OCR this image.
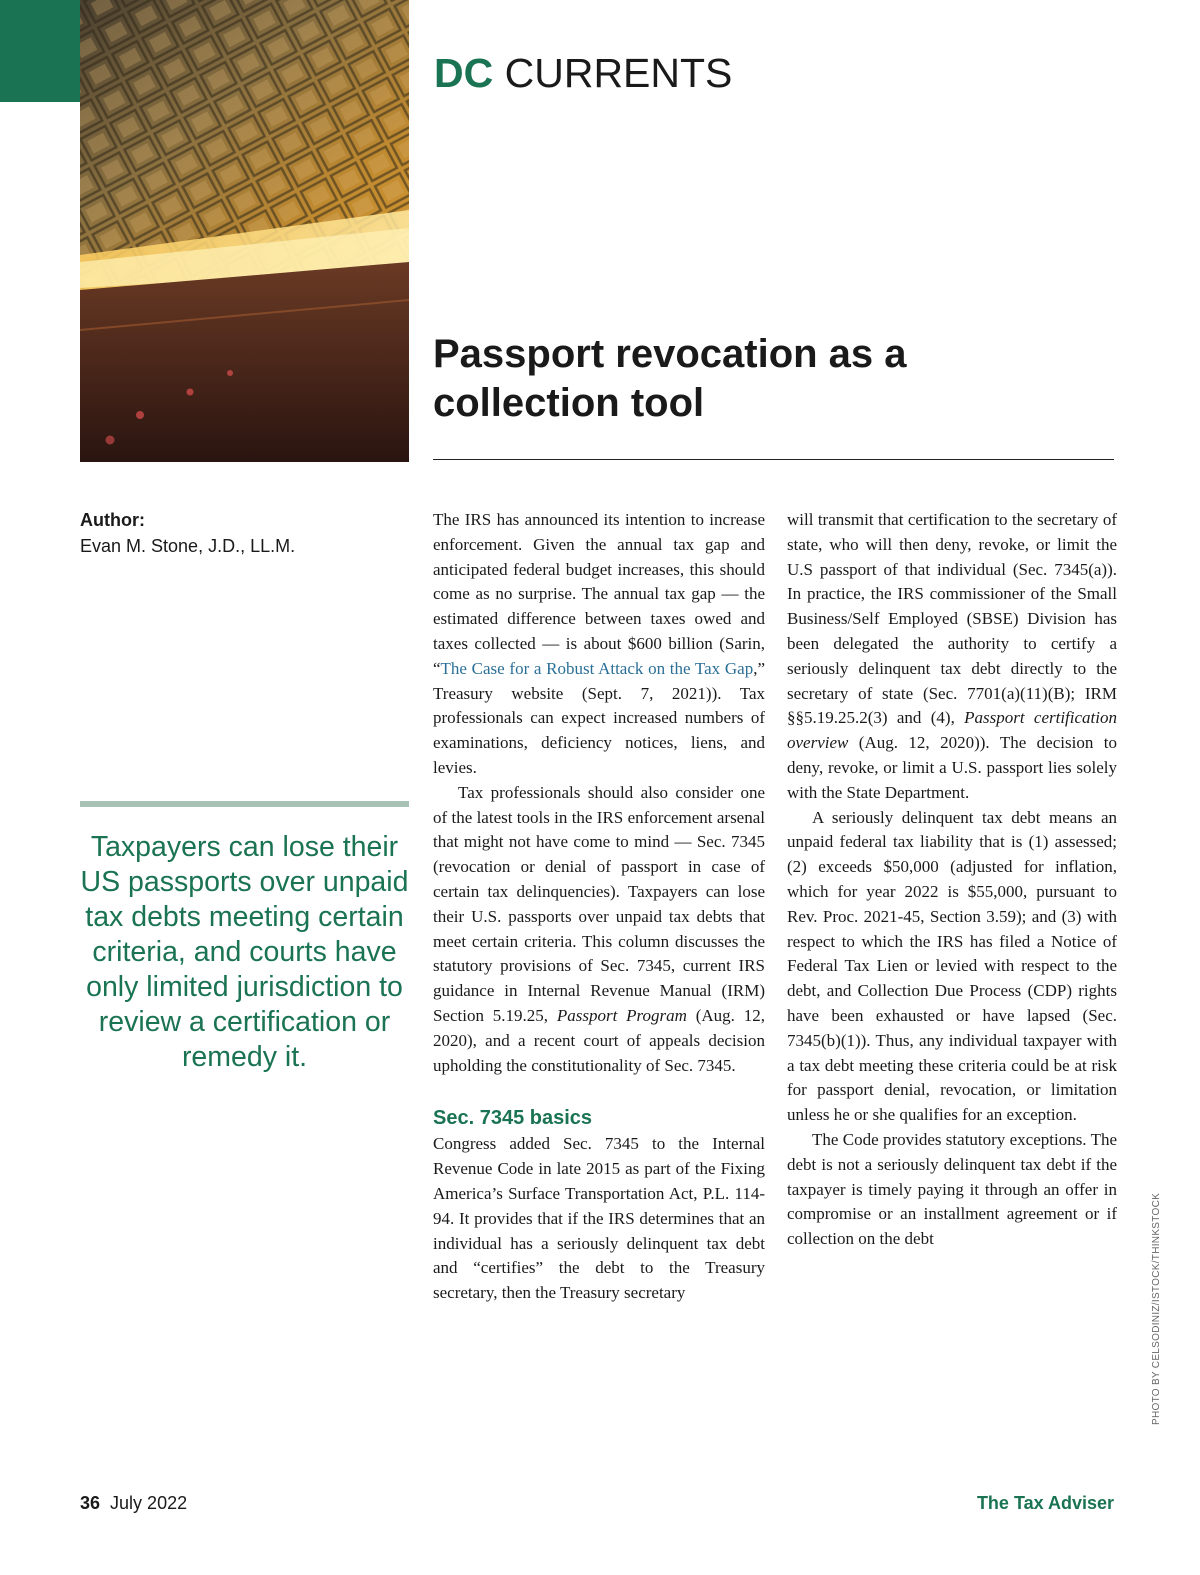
DC CURRENTS
Passport revocation as a collection tool
Author:
Evan M. Stone, J.D., LL.M.

Taxpayers can lose their US passports over unpaid tax debts meeting certain criteria, and courts have only limited jurisdiction to review a certification or remedy it.

The IRS has announced its intention to increase enforcement. Given the annual tax gap and anticipated federal budget increases, this should come as no surprise. The annual tax gap — the estimated difference between taxes owed and taxes collected — is about $600 billion (Sarin, “The Case for a Robust Attack on the Tax Gap,” Treasury website (Sept. 7, 2021)). Tax professionals can expect increased numbers of examinations, deficiency notices, liens, and levies.

Tax professionals should also consider one of the latest tools in the IRS enforcement arsenal that might not have come to mind — Sec. 7345 (revocation or denial of passport in case of certain tax delinquencies). Taxpayers can lose their U.S. passports over unpaid tax debts that meet certain criteria. This column discusses the statutory provisions of Sec. 7345, current IRS guidance in Internal Revenue Manual (IRM) Section 5.19.25, Passport Program (Aug. 12, 2020), and a recent court of appeals decision upholding the constitutionality of Sec. 7345.

Sec. 7345 basics

Congress added Sec. 7345 to the Internal Revenue Code in late 2015 as part of the Fixing America’s Surface Transportation Act, P.L. 114-94. It provides that if the IRS determines that an individual has a seriously delinquent tax debt and “certifies” the debt to the Treasury secretary, then the Treasury secretary

will transmit that certification to the secretary of state, who will then deny, revoke, or limit the U.S passport of that individual (Sec. 7345(a)). In practice, the IRS commissioner of the Small Business/Self Employed (SBSE) Division has been delegated the authority to certify a seriously delinquent tax debt directly to the secretary of state (Sec. 7701(a)(11)(B); IRM §§5.19.25.2(3) and (4), Passport certification overview (Aug. 12, 2020)). The decision to deny, revoke, or limit a U.S. passport lies solely with the State Department.

A seriously delinquent tax debt means an unpaid federal tax liability that is (1) assessed; (2) exceeds $50,000 (adjusted for inflation, which for year 2022 is $55,000, pursuant to Rev. Proc. 2021-45, Section 3.59); and (3) with respect to which the IRS has filed a Notice of Federal Tax Lien or levied with respect to the debt, and Collection Due Process (CDP) rights have been exhausted or have lapsed (Sec. 7345(b)(1)). Thus, any individual taxpayer with a tax debt meeting these criteria could be at risk for passport denial, revocation, or limitation unless he or she qualifies for an exception.

The Code provides statutory exceptions. The debt is not a seriously delinquent tax debt if the taxpayer is timely paying it through an offer in compromise or an installment agreement or if collection on the debt	PHOTO BY CELSODINIZ/ISTOCK/THINKSTOCK
36 July 2022	The Tax Adviser
